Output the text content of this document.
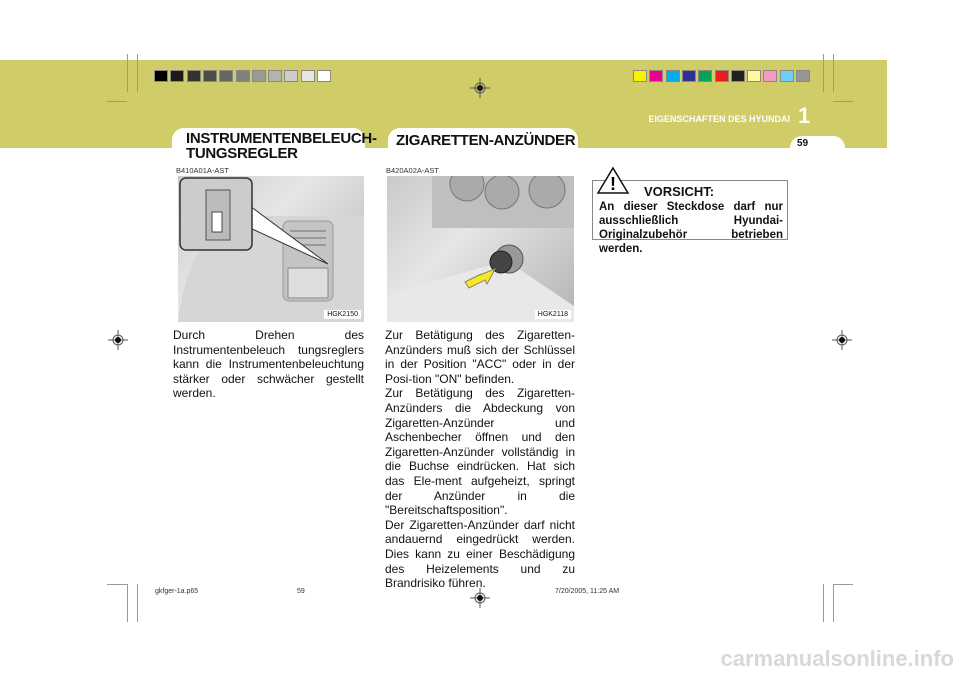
EIGENSCHAFTEN DES HYUNDAI 1
59
INSTRUMENTENBELEUCH-
TUNGSREGLER
B410A01A-AST
HGK2150
Durch Drehen des Instrumentenbeleuch tungsreglers kann die Instrumentenbeleuchtung stärker oder schwächer gestellt werden.
ZIGARETTEN-ANZÜNDER
B420A02A-AST
HGK2118

Zur Betätigung des Zigaretten-Anzünders muß sich der Schlüssel in der Position "ACC" oder in der Posi-tion "ON" befinden.

Zur Betätigung des Zigaretten-Anzünders die Abdeckung von Zigaretten-Anzünder und Aschenbecher öffnen und den Zigaretten-Anzünder vollständig in die Buchse eindrücken. Hat sich das Ele-ment aufgeheizt, springt der Anzünder in die "Bereitschaftsposition".

Der Zigaretten-Anzünder darf nicht andauernd eingedrückt werden. Dies kann zu einer Beschädigung des Heizelements und zu Brandrisiko führen.

VORSICHT:
An dieser Steckdose darf nur ausschließlich Hyundai-Originalzubehör betrieben werden.
!
gkfger-1a.p65	59	7/20/2005, 11:25 AM
carmanualsonline.info
